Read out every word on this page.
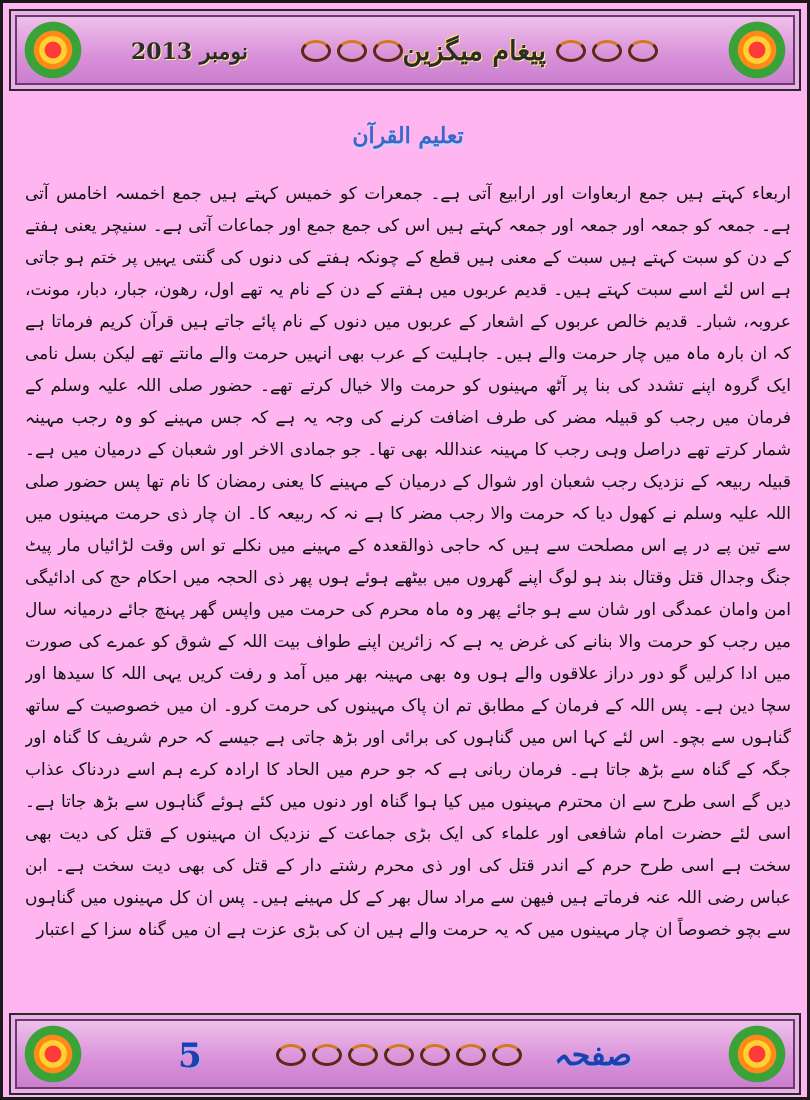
2013 نومبر	پیغام میگزین
تعلیم القرآن
اربعاء کہتے ہیں جمع اربعاوات اور ارابیع آتی ہے۔ جمعرات کو خمیس کہتے ہیں جمع اخمسہ اخامس آتی ہے۔ جمعہ کو جمعہ اور جمعہ اور جمعہ کہتے ہیں اس کی جمع جمع اور جماعات آتی ہے۔ سنیچر یعنی ہفتے کے دن کو سبت کہتے ہیں سبت کے معنی ہیں قطع کے چونکہ ہفتے کی دنوں کی گنتی یہیں پر ختم ہو جاتی ہے اس لئے اسے سبت کہتے ہیں۔ قدیم عربوں میں ہفتے کے دن کے نام یہ تھے اول، رھون، جبار، دبار، مونت، عروبہ، شبار۔ قدیم خالص عربوں کے اشعار کے عربوں میں دنوں کے نام پائے جاتے ہیں قرآن کریم فرماتا ہے کہ ان بارہ ماہ میں چار حرمت والے ہیں۔ جاہلیت کے عرب بھی انہیں حرمت والے مانتے تھے لیکن بسل نامی ایک گروہ اپنے تشدد کی بنا پر آٹھ مہینوں کو حرمت والا خیال کرتے تھے۔ حضور صلی اللہ علیہ وسلم کے فرمان میں رجب کو قبیلہ مضر کی طرف اضافت کرنے کی وجہ یہ ہے کہ جس مہینے کو وہ رجب مہینہ شمار کرتے تھے دراصل وہی رجب کا مہینہ عنداللہ بھی تھا۔ جو جمادی الاخر اور شعبان کے درمیان میں ہے۔ قبیلہ ربیعہ کے نزدیک رجب شعبان اور شوال کے درمیان کے مہینے کا یعنی رمضان کا نام تھا پس حضور صلی اللہ علیہ وسلم نے کھول دیا کہ حرمت والا رجب مضر کا ہے نہ کہ ربیعہ کا۔ ان چار ذی حرمت مہینوں میں سے تین پے در پے اس مصلحت سے ہیں کہ حاجی ذوالقعدہ کے مہینے میں نکلے تو اس وقت لڑائیاں مار پیٹ جنگ وجدال قتل وقتال بند ہو لوگ اپنے گھروں میں بیٹھے ہوئے ہوں پھر ذی الحجہ میں احکام حج کی ادائیگی امن وامان عمدگی اور شان سے ہو جائے پھر وہ ماہ محرم کی حرمت میں واپس گھر پہنچ جائے درمیانہ سال میں رجب کو حرمت والا بنانے کی غرض یہ ہے کہ زائرین اپنے طواف بیت اللہ کے شوق کو عمرے کی صورت میں ادا کرلیں گو دور دراز علاقوں والے ہوں وہ بھی مہینہ بھر میں آمد و رفت کریں یہی اللہ کا سیدھا اور سچا دین ہے۔ پس اللہ کے فرمان کے مطابق تم ان پاک مہینوں کی حرمت کرو۔ ان میں خصوصیت کے ساتھ گناہوں سے بچو۔ اس لئے کہا اس میں گناہوں کی برائی اور بڑھ جاتی ہے جیسے کہ حرم شریف کا گناہ اور جگہ کے گناہ سے بڑھ جاتا ہے۔ فرمان ربانی ہے کہ جو حرم میں الحاد کا ارادہ کرے ہم اسے دردناک عذاب دیں گے اسی طرح سے ان محترم مہینوں میں کیا ہوا گناہ اور دنوں میں کئے ہوئے گناہوں سے بڑھ جاتا ہے۔ اسی لئے حضرت امام شافعی اور علماء کی ایک بڑی جماعت کے نزدیک ان مہینوں کے قتل کی دیت بھی سخت ہے اسی طرح حرم کے اندر قتل کی اور ذی محرم رشتے دار کے قتل کی بھی دیت سخت ہے۔ ابن عباس رضی اللہ عنہ فرماتے ہیں فیھن سے مراد سال بھر کے کل مہینے ہیں۔ پس ان کل مہینوں میں گناہوں سے بچو خصوصاً ان چار مہینوں میں کہ یہ حرمت والے ہیں ان کی بڑی عزت ہے ان میں گناہ سزا کے اعتبار
5	صفحہ
